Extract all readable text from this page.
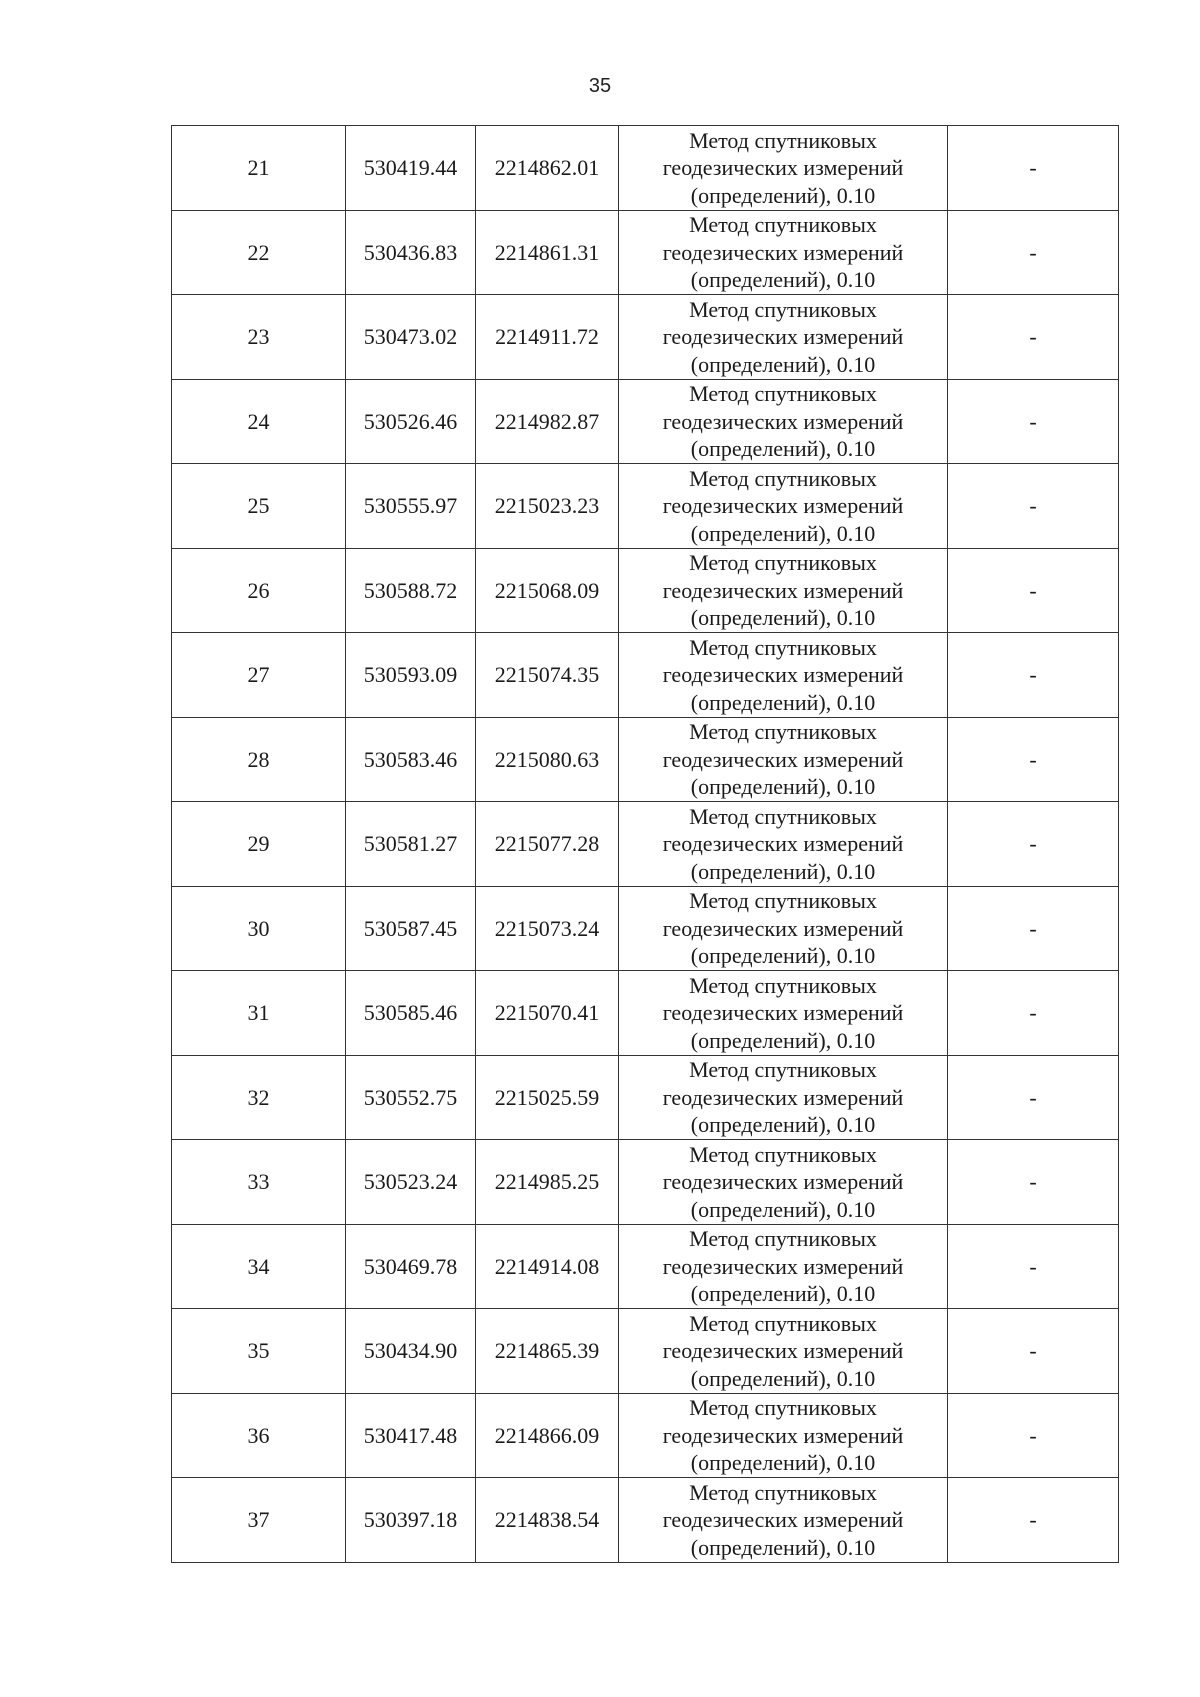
35
21	530419.44	2214862.01	Метод спутниковых геодезических измерений (определений), 0.10	-
22	530436.83	2214861.31	Метод спутниковых геодезических измерений (определений), 0.10	-
23	530473.02	2214911.72	Метод спутниковых геодезических измерений (определений), 0.10	-
24	530526.46	2214982.87	Метод спутниковых геодезических измерений (определений), 0.10	-
25	530555.97	2215023.23	Метод спутниковых геодезических измерений (определений), 0.10	-
26	530588.72	2215068.09	Метод спутниковых геодезических измерений (определений), 0.10	-
27	530593.09	2215074.35	Метод спутниковых геодезических измерений (определений), 0.10	-
28	530583.46	2215080.63	Метод спутниковых геодезических измерений (определений), 0.10	-
29	530581.27	2215077.28	Метод спутниковых геодезических измерений (определений), 0.10	-
30	530587.45	2215073.24	Метод спутниковых геодезических измерений (определений), 0.10	-
31	530585.46	2215070.41	Метод спутниковых геодезических измерений (определений), 0.10	-
32	530552.75	2215025.59	Метод спутниковых геодезических измерений (определений), 0.10	-
33	530523.24	2214985.25	Метод спутниковых геодезических измерений (определений), 0.10	-
34	530469.78	2214914.08	Метод спутниковых геодезических измерений (определений), 0.10	-
35	530434.90	2214865.39	Метод спутниковых геодезических измерений (определений), 0.10	-
36	530417.48	2214866.09	Метод спутниковых геодезических измерений (определений), 0.10	-
37	530397.18	2214838.54	Метод спутниковых геодезических измерений (определений), 0.10	-
